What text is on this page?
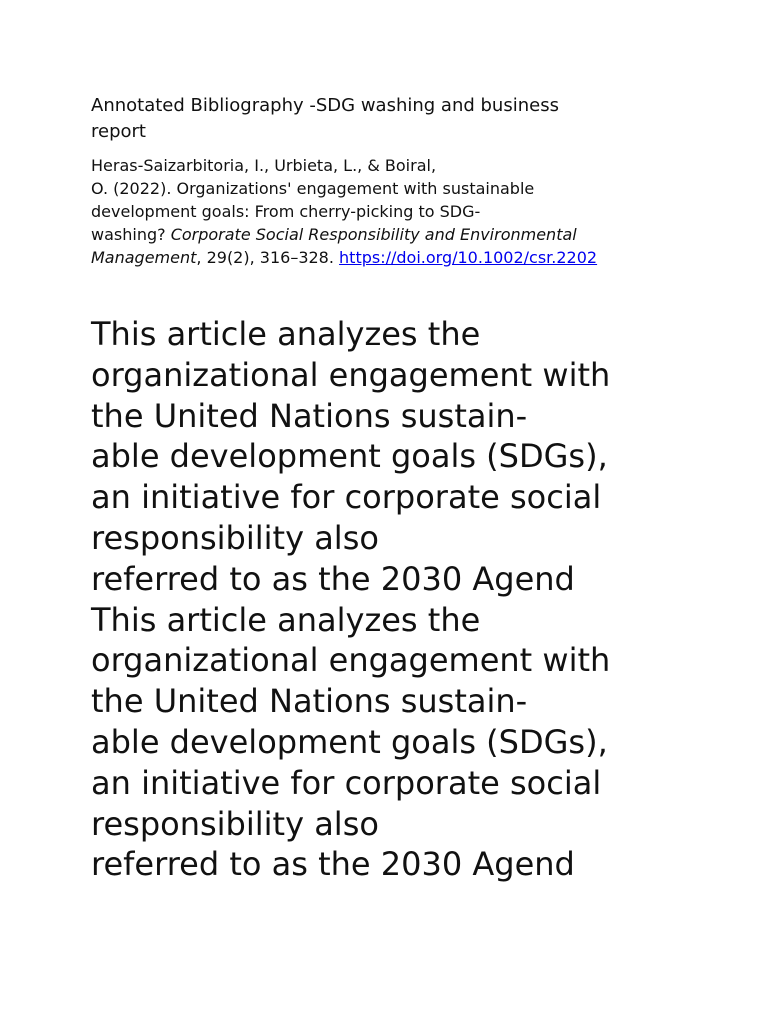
Annotated Bibliography -SDG washing and business
report
Heras-Saizarbitoria, I., Urbieta, L., & Boiral,
O. (2022). Organizations' engagement with sustainable
development goals: From cherry-picking to SDG-
washing? Corporate Social Responsibility and Environmental
Management, 29(2), 316–328. https://doi.org/10.1002/csr.2202
This article analyzes the
organizational engagement with
the United Nations sustain-
able development goals (SDGs),
an initiative for corporate social
responsibility also
referred to as the 2030 Agend
This article analyzes the
organizational engagement with
the United Nations sustain-
able development goals (SDGs),
an initiative for corporate social
responsibility also
referred to as the 2030 Agend
